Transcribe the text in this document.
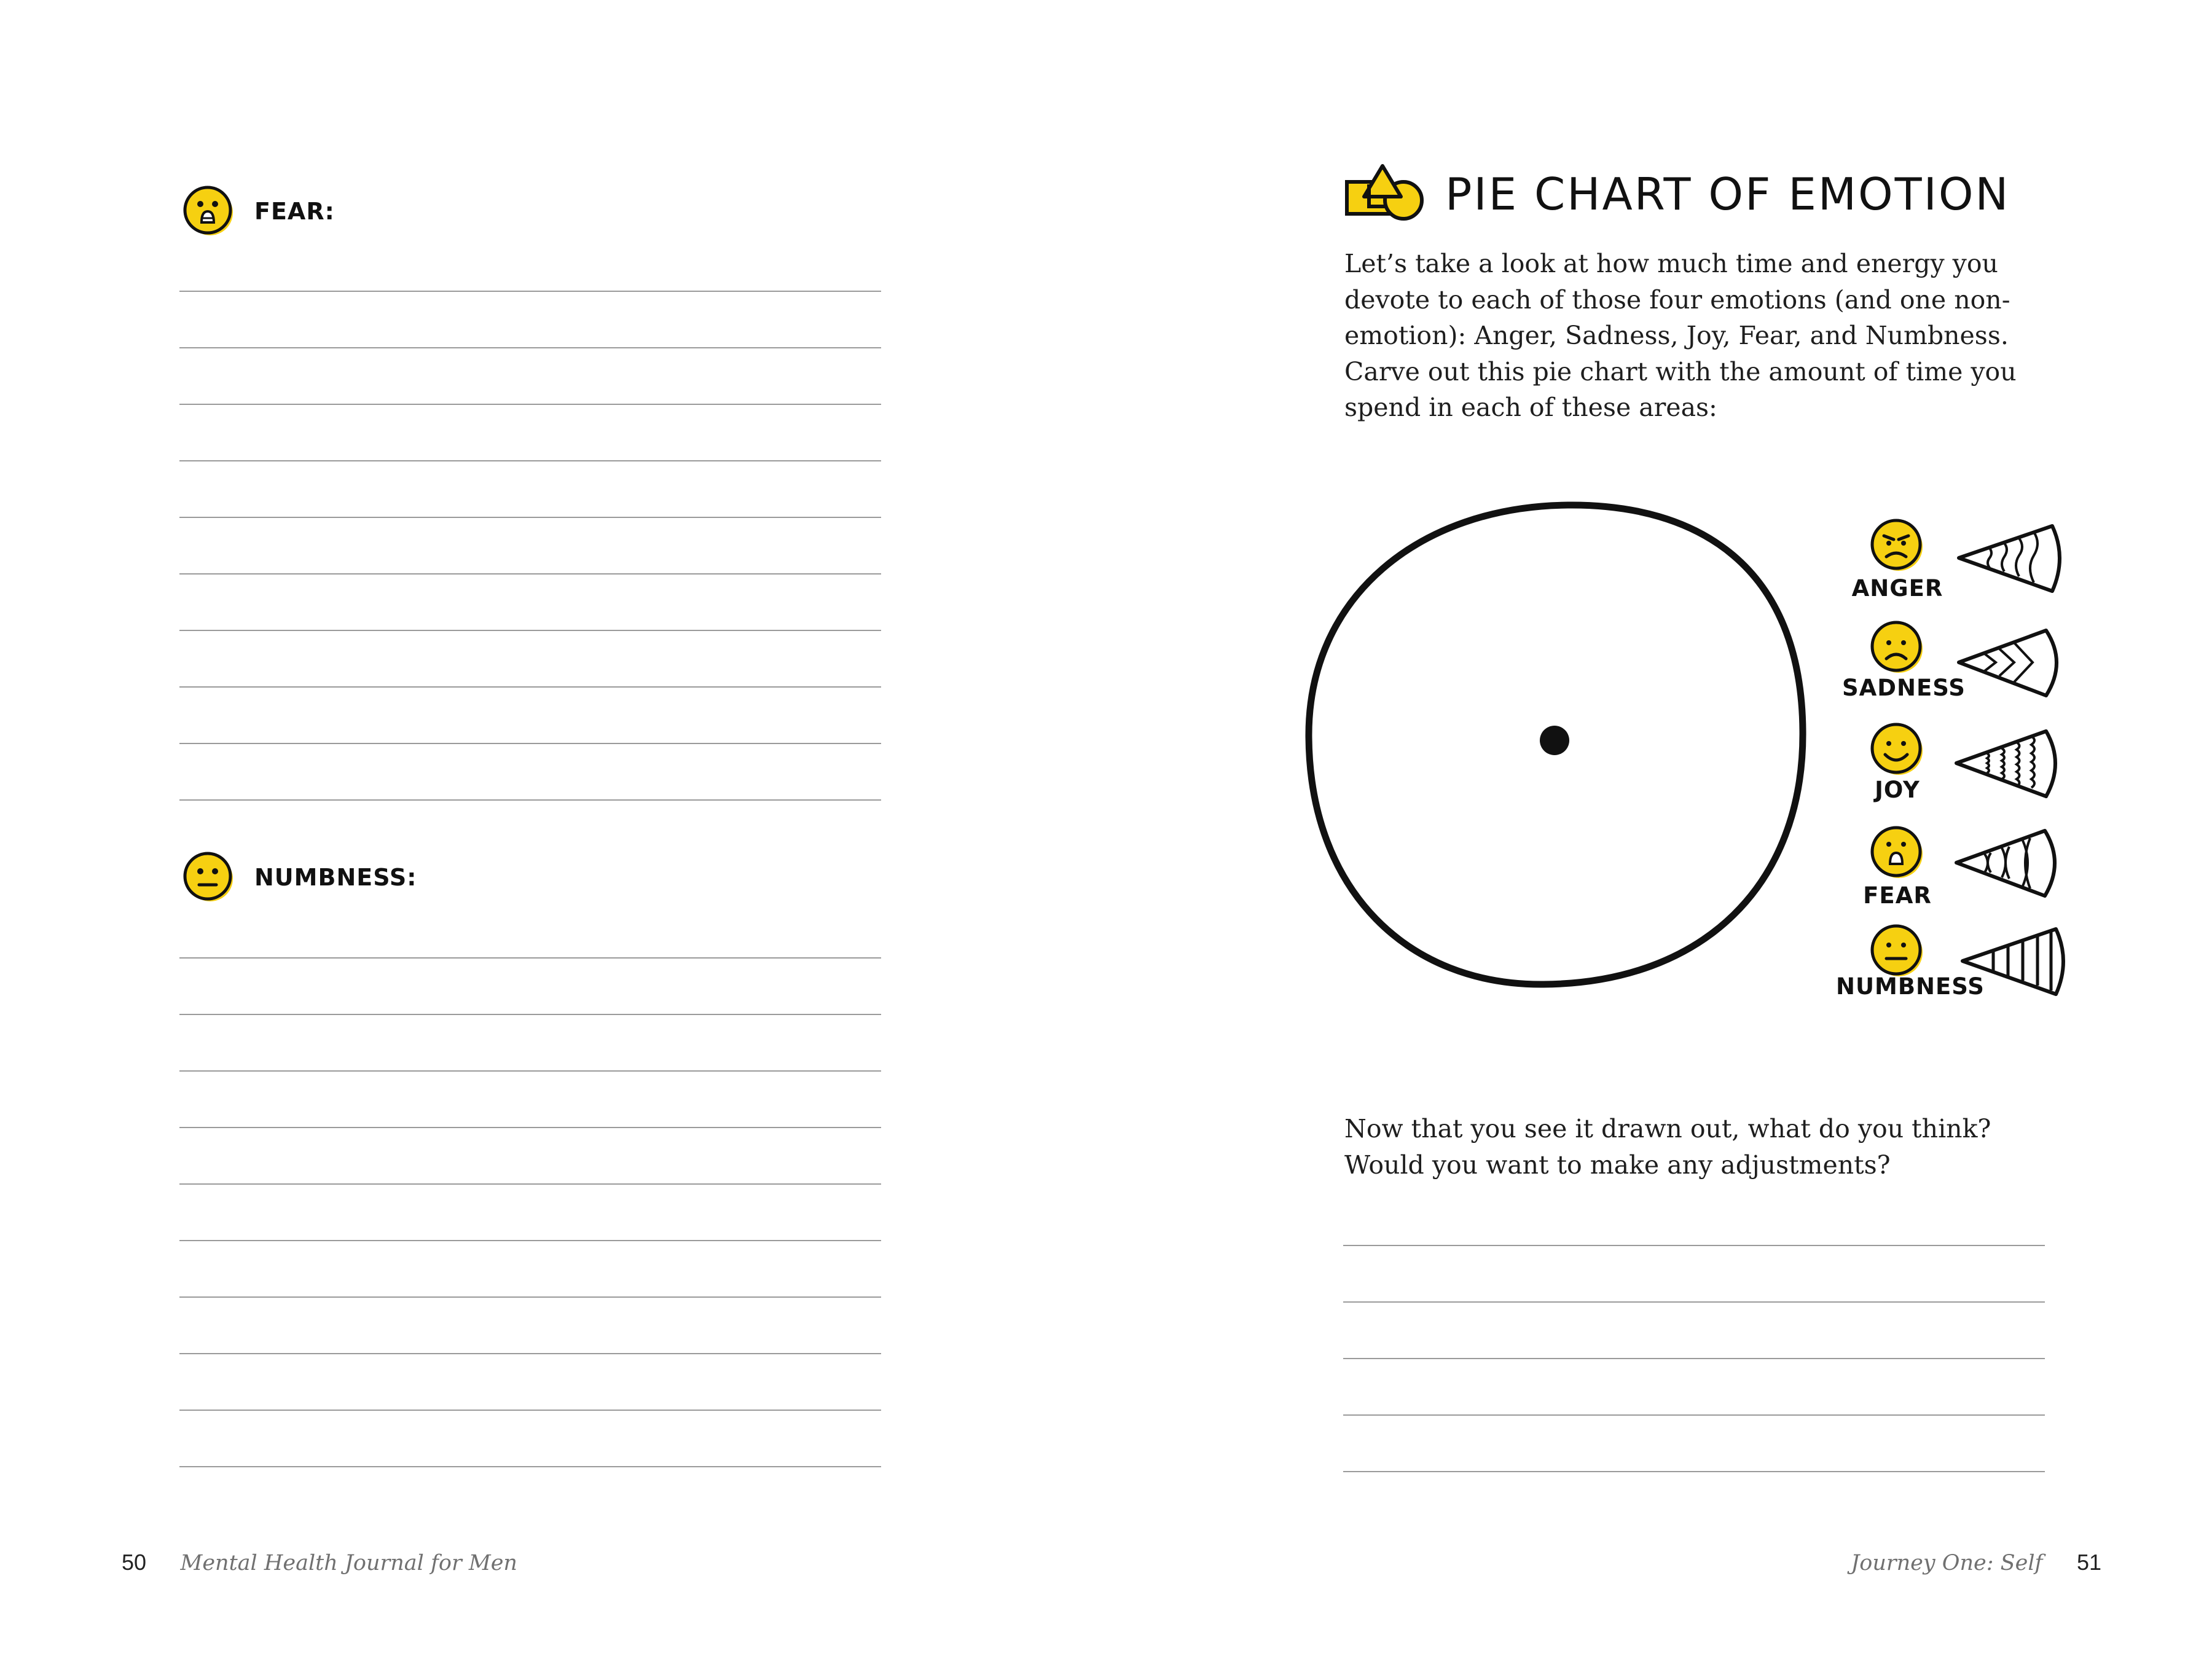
FEAR:
NUMBNESS:
50 Mental Health Journal for Men
PIE CHART OF EMOTION

Let’s take a look at how much time and energy you devote to each of those four emotions (and one non-emotion): Anger, Sadness, Joy, Fear, and Numbness. Carve out this pie chart with the amount of time you spend in each of these areas:

ANGER
SADNESS
JOY
FEAR
NUMBNESS
Now that you see it drawn out, what do you think?
Would you want to make any adjustments?
Journey One: Self 51
